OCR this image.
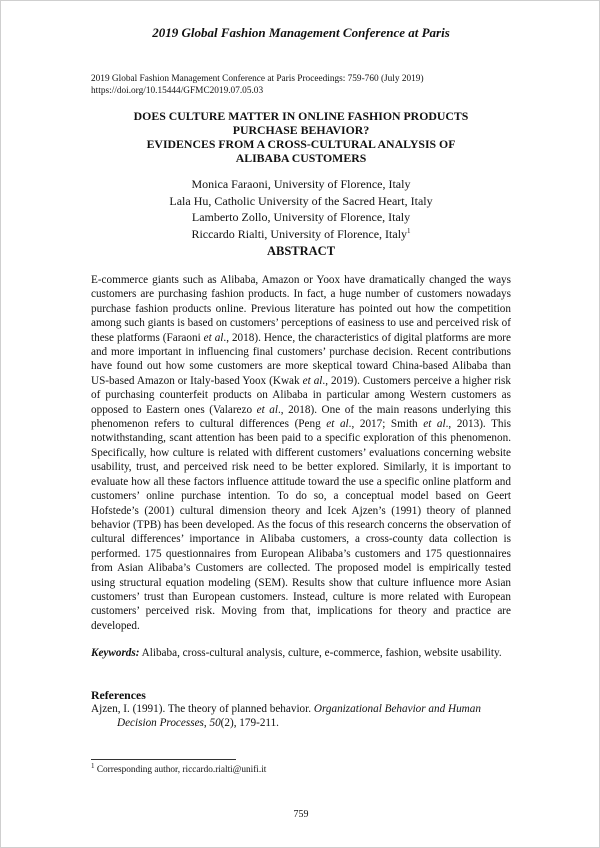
2019 Global Fashion Management Conference at Paris
2019 Global Fashion Management Conference at Paris Proceedings: 759-760 (July 2019)
https://doi.org/10.15444/GFMC2019.07.05.03
DOES CULTURE MATTER IN ONLINE FASHION PRODUCTS
PURCHASE BEHAVIOR?
EVIDENCES FROM A CROSS-CULTURAL ANALYSIS OF
ALIBABA CUSTOMERS
Monica Faraoni, University of Florence, Italy
Lala Hu, Catholic University of the Sacred Heart, Italy
Lamberto Zollo, University of Florence, Italy
Riccardo Rialti, University of Florence, Italy$^1$
ABSTRACT

E-commerce giants such as Alibaba, Amazon or Yoox have dramatically changed the ways customers are purchasing fashion products. In fact, a huge number of customers nowadays purchase fashion products online. Previous literature has pointed out how the competition among such giants is based on customers’ perceptions of easiness to use and perceived risk of these platforms (Faraoni et al., 2018). Hence, the characteristics of digital platforms are more and more important in influencing final customers’ purchase decision. Recent contributions have found out how some customers are more skeptical toward China-based Alibaba than US-based Amazon or Italy-based Yoox (Kwak et al., 2019). Customers perceive a higher risk of purchasing counterfeit products on Alibaba in particular among Western customers as opposed to Eastern ones (Valarezo et al., 2018). One of the main reasons underlying this phenomenon refers to cultural differences (Peng et al., 2017; Smith et al., 2013). This notwithstanding, scant attention has been paid to a specific exploration of this phenomenon. Specifically, how culture is related with different customers’ evaluations concerning website usability, trust, and perceived risk need to be better explored. Similarly, it is important to evaluate how all these factors influence attitude toward the use a specific online platform and customers’ online purchase intention. To do so, a conceptual model based on Geert Hofstede’s (2001) cultural dimension theory and Icek Ajzen’s (1991) theory of planned behavior (TPB) has been developed. As the focus of this research concerns the observation of cultural differences’ importance in Alibaba customers, a cross-county data collection is performed. 175 questionnaires from European Alibaba’s customers and 175 questionnaires from Asian Alibaba’s Customers are collected. The proposed model is empirically tested using structural equation modeling (SEM). Results show that culture influence more Asian customers’ trust than European customers. Instead, culture is more related with European customers’ perceived risk. Moving from that, implications for theory and practice are developed.

Keywords: Alibaba, cross-cultural analysis, culture, e-commerce, fashion, website usability.

References

Ajzen, I. (1991). The theory of planned behavior. Organizational Behavior and Human Decision Processes, 50(2), 179-211.

$^1$ Corresponding author, riccardo.rialti@unifi.it
759
